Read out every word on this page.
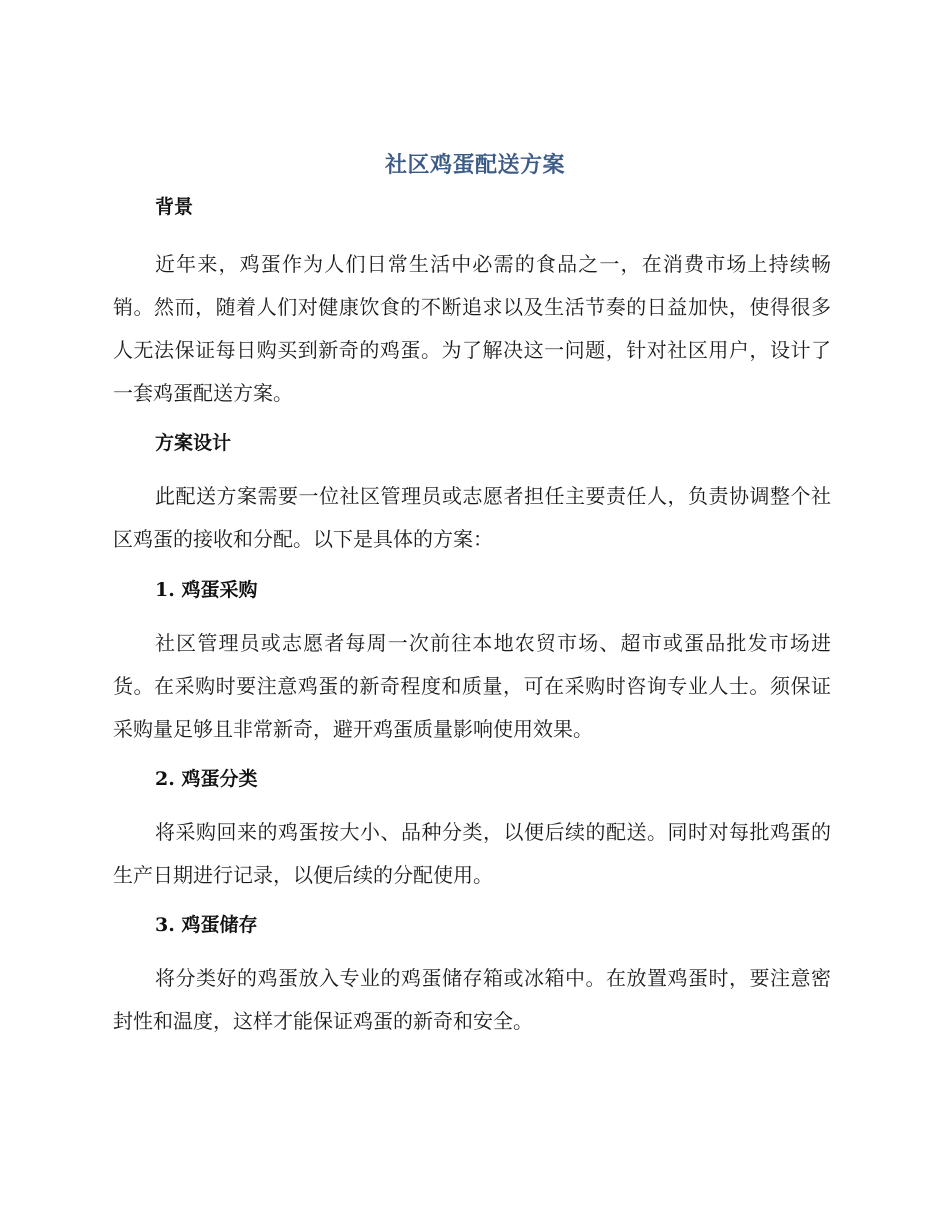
社区鸡蛋配送方案
背景

近年来，鸡蛋作为人们日常生活中必需的食品之一，在消费市场上持续畅销。然而，随着人们对健康饮食的不断追求以及生活节奏的日益加快，使得很多人无法保证每日购买到新奇的鸡蛋。为了解决这一问题，针对社区用户，设计了一套鸡蛋配送方案。

方案设计

此配送方案需要一位社区管理员或志愿者担任主要责任人，负责协调整个社区鸡蛋的接收和分配。以下是具体的方案：

1. 鸡蛋采购

社区管理员或志愿者每周一次前往本地农贸市场、超市或蛋品批发市场进货。在采购时要注意鸡蛋的新奇程度和质量，可在采购时咨询专业人士。须保证采购量足够且非常新奇，避开鸡蛋质量影响使用效果。

2. 鸡蛋分类

将采购回来的鸡蛋按大小、品种分类，以便后续的配送。同时对每批鸡蛋的生产日期进行记录，以便后续的分配使用。

3. 鸡蛋储存

将分类好的鸡蛋放入专业的鸡蛋储存箱或冰箱中。在放置鸡蛋时，要注意密封性和温度，这样才能保证鸡蛋的新奇和安全。
